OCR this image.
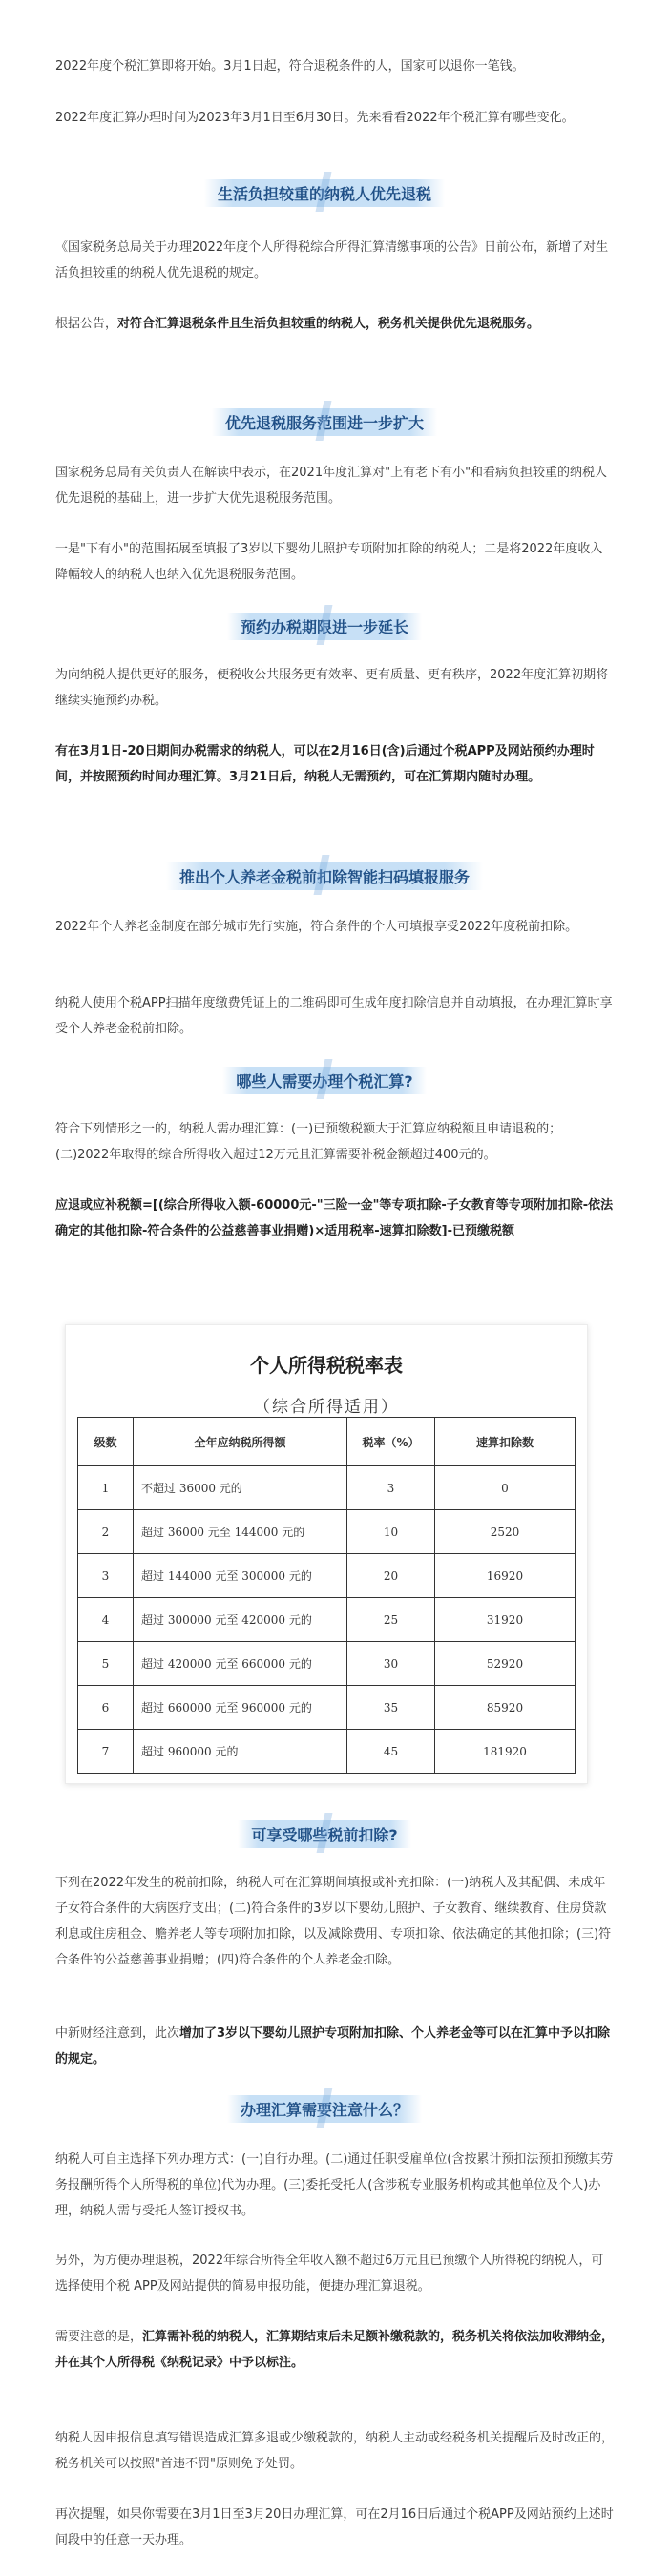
2022年度个税汇算即将开始。3月1日起，符合退税条件的人，国家可以退你一笔钱。

2022年度汇算办理时间为2023年3月1日至6月30日。先来看看2022年个税汇算有哪些变化。

生活负担较重的纳税人优先退税

《国家税务总局关于办理2022年度个人所得税综合所得汇算清缴事项的公告》日前公布，新增了对生活负担较重的纳税人优先退税的规定。

根据公告，对符合汇算退税条件且生活负担较重的纳税人，税务机关提供优先退税服务。

优先退税服务范围进一步扩大

国家税务总局有关负责人在解读中表示，在2021年度汇算对"上有老下有小"和看病负担较重的纳税人优先退税的基础上，进一步扩大优先退税服务范围。

一是"下有小"的范围拓展至填报了3岁以下婴幼儿照护专项附加扣除的纳税人；二是将2022年度收入降幅较大的纳税人也纳入优先退税服务范围。

预约办税期限进一步延长

为向纳税人提供更好的服务，便税收公共服务更有效率、更有质量、更有秩序，2022年度汇算初期将继续实施预约办税。

有在3月1日-20日期间办税需求的纳税人，可以在2月16日(含)后通过个税APP及网站预约办理时间，并按照预约时间办理汇算。3月21日后，纳税人无需预约，可在汇算期内随时办理。

推出个人养老金税前扣除智能扫码填报服务

2022年个人养老金制度在部分城市先行实施，符合条件的个人可填报享受2022年度税前扣除。

纳税人使用个税APP扫描年度缴费凭证上的二维码即可生成年度扣除信息并自动填报，在办理汇算时享受个人养老金税前扣除。

哪些人需要办理个税汇算?

符合下列情形之一的，纳税人需办理汇算：(一)已预缴税额大于汇算应纳税额且申请退税的；(二)2022年取得的综合所得收入超过12万元且汇算需要补税金额超过400元的。

应退或应补税额=[(综合所得收入额-60000元-"三险一金"等专项扣除-子女教育等专项附加扣除-依法确定的其他扣除-符合条件的公益慈善事业捐赠)×适用税率-速算扣除数]-已预缴税额

个人所得税税率表
（综合所得适用）
级数	全年应纳税所得额	税率（%）	速算扣除数
1	不超过 36000 元的	3	0
2	超过 36000 元至 144000 元的	10	2520
3	超过 144000 元至 300000 元的	20	16920
4	超过 300000 元至 420000 元的	25	31920
5	超过 420000 元至 660000 元的	30	52920
6	超过 660000 元至 960000 元的	35	85920
7	超过 960000 元的	45	181920
可享受哪些税前扣除?

下列在2022年发生的税前扣除，纳税人可在汇算期间填报或补充扣除：(一)纳税人及其配偶、未成年子女符合条件的大病医疗支出；(二)符合条件的3岁以下婴幼儿照护、子女教育、继续教育、住房贷款利息或住房租金、赡养老人等专项附加扣除，以及减除费用、专项扣除、依法确定的其他扣除；(三)符合条件的公益慈善事业捐赠；(四)符合条件的个人养老金扣除。

中新财经注意到，此次增加了3岁以下婴幼儿照护专项附加扣除、个人养老金等可以在汇算中予以扣除的规定。

办理汇算需要注意什么？

纳税人可自主选择下列办理方式：(一)自行办理。(二)通过任职受雇单位(含按累计预扣法预扣预缴其劳务报酬所得个人所得税的单位)代为办理。(三)委托受托人(含涉税专业服务机构或其他单位及个人)办理，纳税人需与受托人签订授权书。

另外，为方便办理退税，2022年综合所得全年收入额不超过6万元且已预缴个人所得税的纳税人，可选择使用个税 APP及网站提供的简易申报功能，便捷办理汇算退税。

需要注意的是，汇算需补税的纳税人，汇算期结束后未足额补缴税款的，税务机关将依法加收滞纳金，并在其个人所得税《纳税记录》中予以标注。

纳税人因申报信息填写错误造成汇算多退或少缴税款的，纳税人主动或经税务机关提醒后及时改正的，税务机关可以按照"首违不罚"原则免予处罚。

再次提醒，如果你需要在3月1日至3月20日办理汇算，可在2月16日后通过个税APP及网站预约上述时间段中的任意一天办理。
